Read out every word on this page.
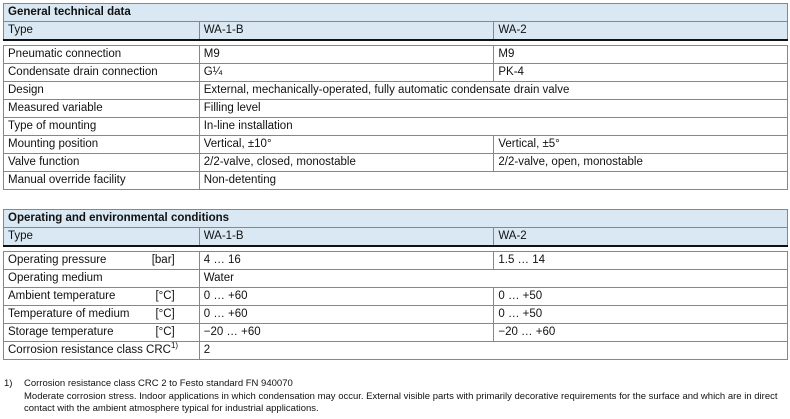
General technical data		
Type	WA-1-B	WA-2

Pneumatic connection	M9	M9
Condensate drain connection	G¼	PK-4
Design	External, mechanically-operated, fully automatic condensate drain valve	
Measured variable	Filling level	
Type of mounting	In-line installation	
Mounting position	Vertical, ±10°	Vertical, ±5°
Valve function	2/2-valve, closed, monostable	2/2-valve, open, monostable
Manual override facility	Non-detenting	
Operating and environmental conditions		
Type	WA-1-B	WA-2

Operating pressure [bar]	4 … 16	1.5 … 14
Operating medium	Water	
Ambient temperature [°C]	0 … +60	0 … +50
Temperature of medium [°C]	0 … +60	0 … +50
Storage temperature [°C]	−20 … +60	−20 … +60
Corrosion resistance class CRC$^{1)}$	2	
1) Corrosion resistance class CRC 2 to Festo standard FN 940070
Moderate corrosion stress. Indoor applications in which condensation may occur. External visible parts with primarily decorative requirements for the surface and which are in direct contact with the ambient atmosphere typical for industrial applications.
